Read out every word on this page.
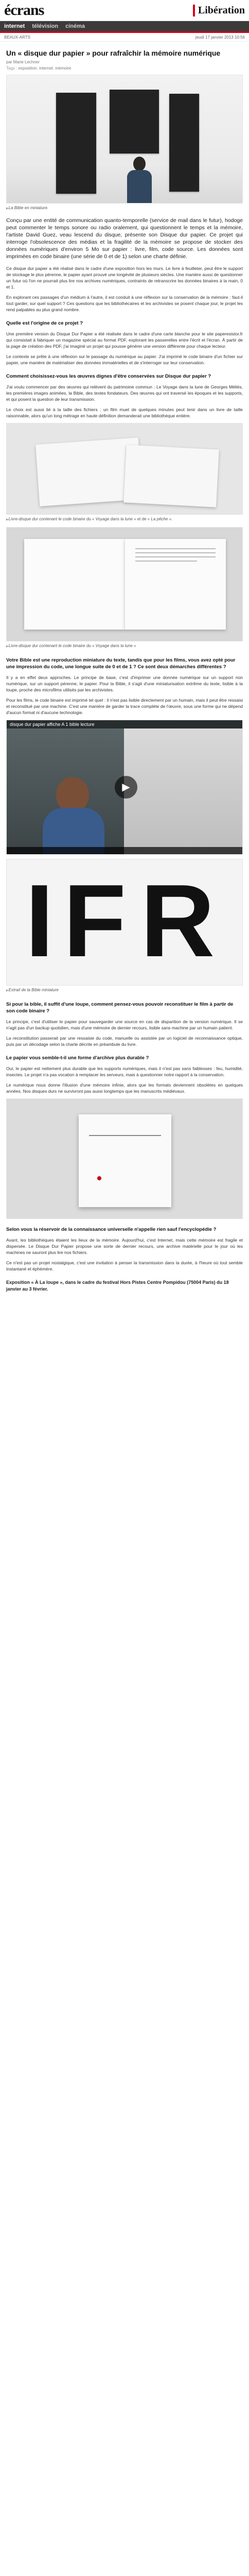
écrans	Libération
internet télévision cinéma
BEAUX-ARTS	jeudi 17 janvier 2013 10:56
Un « disque dur papier » pour rafraîchir la mémoire numérique
par Marie Lechner
Tags : exposition, internet, mémoire
▶ La Bible en miniature.

Conçu par une entité de communication quanto-temporelle (service de mail dans le futur), hodoge peut commenter le temps sonore ou radio oralement, qui questionnent le temps et la mémoire, l'artiste David Guez, veau lescend du disque, présente son Disque dur papier. Ce projet qui interroge l'obsolescence des médias et la fragilité de la mémoire se propose de stocker des données numériques d'environ 5 Mo sur papier : livre, film, code source. Les données sont imprimées en code binaire (une série de 0 et de 1) selon une charte définie.

Ce disque dur papier a été réalisé dans le cadre d'une exposition hors les murs. Le livre à feuilleter, peut être le support de stockage le plus pérenne, le papier ayant prouvé une longévité de plusieurs siècles. Une manière aussi de questionner un futur où l'on ne pourrait plus lire nos archives numériques, contraints de retranscrire les données binaires à la main, 0 et 1.

En explorant ces passages d'un médium à l'autre, il est conduit à une réflexion sur la conservation de la mémoire : faut-il tout garder, sur quel support ? Ces questions que les bibliothécaires et les archivistes se posent chaque jour, le projet les rend palpables au plus grand nombre.

Quelle est l'origine de ce projet ?

Une première version du Disque Dur Papier a été réalisée dans le cadre d'une carte blanche pour le site paperesistor.fr qui consistait à fabriquer un magazine spécial au format PDF, explorant les passerelles entre l'écrit et l'écran. À partir de la page de création des PDF, j'ai imaginé un projet qui pousse générer une version différente pour chaque lecteur.

Le contexte se prête à une réflexion sur le passage du numérique au papier. J'ai imprimé le code binaire d'un fichier sur papier, une manière de matérialiser des données immatérielles et de s'interroger sur leur conservation.

Comment choisissez-vous les œuvres dignes d'être conservées sur Disque dur papier ?

J'ai voulu commencer par des œuvres qui relèvent du patrimoine commun : Le Voyage dans la lune de Georges Méliès, les premières images animées, la Bible, des textes fondateurs. Des œuvres qui ont traversé les époques et les supports, et qui posent la question de leur transmission.

Le choix est aussi lié à la taille des fichiers : un film muet de quelques minutes peut tenir dans un livre de taille raisonnable, alors qu'un long métrage en haute définition demanderait une bibliothèque entière.

▶ Livre-disque dur contenant le code binaire du « Voyage dans la lune » et de « La pêche ».
▶ Livre-disque dur contenant le code binaire du « Voyage dans la lune »
Votre Bible est une reproduction miniature du texte, tandis que pour les films, vous avez opté pour une impression du code, une longue suite de 0 et de 1 ? Ce sont deux démarches différentes ?

Il y a en effet deux approches. Le principe de base, c'est d'imprimer une donnée numérique sur un support non numérique, sur un support pérenne, le papier. Pour la Bible, il s'agit d'une miniaturisation extrême du texte, lisible à la loupe, proche des microfilms utilisés par les archivistes.

Pour les films, le code binaire est imprimé tel quel : il n'est pas lisible directement par un humain, mais il peut être ressaisi et reconstitué par une machine. C'est une manière de garder la trace complète de l'œuvre, sous une forme qui ne dépend d'aucun format ni d'aucune technologie.

disque dur papier affiche A 1 bible lecture
▶
I F R
▶ Extrait de la Bible miniature
Si pour la bible, il suffit d'une loupe, comment pensez-vous pouvoir reconstituer le film à partir de son code binaire ?

Le principe, c'est d'utiliser le papier pour sauvegarder une source en cas de disparition de la version numérique. Il se n'agit pas d'un backup quotidien, mais d'une mémoire de dernier recours, lisible sans machine par un humain patient.

La reconstitution passerait par une ressaisie du code, manuelle ou assistée par un logiciel de reconnaissance optique, puis par un décodage selon la charte décrite en préambule du livre.

Le papier vous semble-t-il une forme d'archive plus durable ?

Oui, le papier est nettement plus durable que les supports numériques, mais il n'est pas sans faiblesses : feu, humidité, insectes. Le projet n'a pas vocation à remplacer les serveurs, mais à questionner notre rapport à la conservation.

Le numérique nous donne l'illusion d'une mémoire infinie, alors que les formats deviennent obsolètes en quelques années. Nos disques durs ne survivront pas aussi longtemps que les manuscrits médiévaux.

Selon vous la réservoir de la connaissance universelle n'appelle rien sauf l'encyclopédie ?

Avant, les bibliothèques étaient les lieux de la mémoire. Aujourd'hui, c'est Internet, mais cette mémoire est fragile et dispersée. Le Disque Dur Papier propose une sorte de dernier recours, une archive matérielle pour le jour où les machines ne sauront plus lire nos fichiers.

Ce n'est pas un projet nostalgique, c'est une invitation à penser la transmission dans la durée, à l'heure où tout semble instantané et éphémère.

Exposition « À La loupe », dans le cadre du festival Hors Pistes Centre Pompidou (75004 Paris) du 18 janvier au 3 février.
